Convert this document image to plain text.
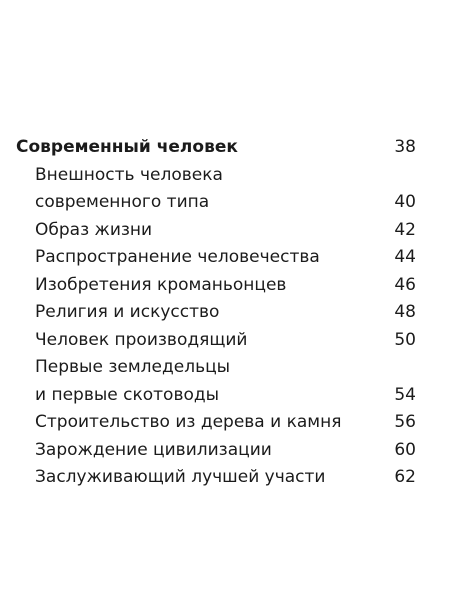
Современный человек	38
Внешность человека
современного типа	40
Образ жизни	42
Распространение человечества	44
Изобретения кроманьонцев	46
Религия и искусство	48
Человек производящий	50
Первые земледельцы
и первые скотоводы	54
Строительство из дерева и камня	56
Зарождение цивилизации	60
Заслуживающий лучшей участи	62
